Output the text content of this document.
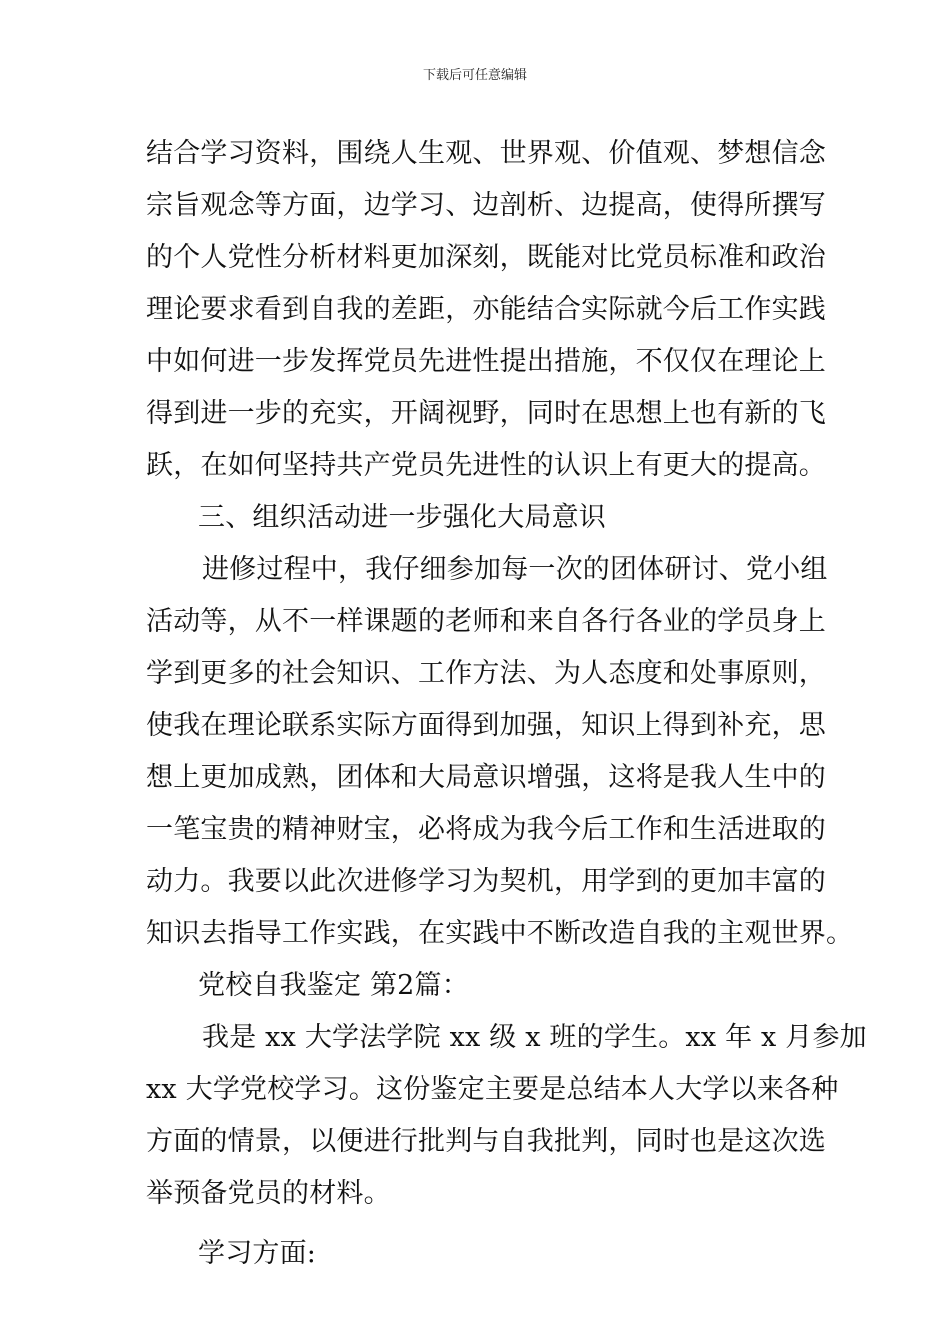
下载后可任意编辑
结合学习资料，围绕人生观、世界观、价值观、梦想信念
宗旨观念等方面，边学习、边剖析、边提高，使得所撰写
的个人党性分析材料更加深刻，既能对比党员标准和政治
理论要求看到自我的差距，亦能结合实际就今后工作实践
中如何进一步发挥党员先进性提出措施，不仅仅在理论上
得到进一步的充实，开阔视野，同时在思想上也有新的飞
跃，在如何坚持共产党员先进性的认识上有更大的提高。
三、组织活动进一步强化大局意识
进修过程中，我仔细参加每一次的团体研讨、党小组
活动等，从不一样课题的老师和来自各行各业的学员身上
学到更多的社会知识、工作方法、为人态度和处事原则，
使我在理论联系实际方面得到加强，知识上得到补充，思
想上更加成熟，团体和大局意识增强，这将是我人生中的
一笔宝贵的精神财宝，必将成为我今后工作和生活进取的
动力。我要以此次进修学习为契机，用学到的更加丰富的
知识去指导工作实践，在实践中不断改造自我的主观世界。
党校自我鉴定 第2篇：
我是 xx 大学法学院 xx 级 x 班的学生。xx 年 x 月参加
xx 大学党校学习。这份鉴定主要是总结本人大学以来各种
方面的情景，以便进行批判与自我批判，同时也是这次选
举预备党员的材料。
学习方面:
